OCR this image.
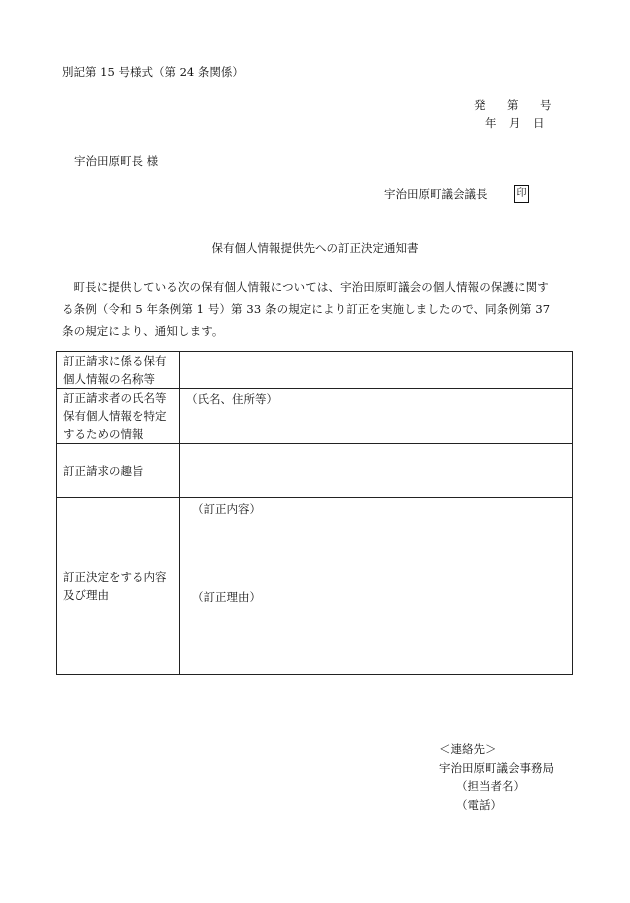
別記第 15 号様式（第 24 条関係）
発 第 号
年 月 日
宇治田原町長 様
宇治田原町議会議長	印
保有個人情報提供先への訂正決定通知書

町長に提供している次の保有個人情報については、宇治田原町議会の個人情報の保護に関する条例（令和 5 年条例第 1 号）第 33 条の規定により訂正を実施しましたので、同条例第 37 条の規定により、通知します。

訂正請求に係る保有個人情報の名称等	
訂正請求者の氏名等保有個人情報を特定するための情報	（氏名、住所等）

訂正請求の趣旨	
訂正決定をする内容及び理由	（訂正内容）
（訂正理由）
＜連絡先＞
宇治田原町議会事務局
（担当者名）
（電話）
